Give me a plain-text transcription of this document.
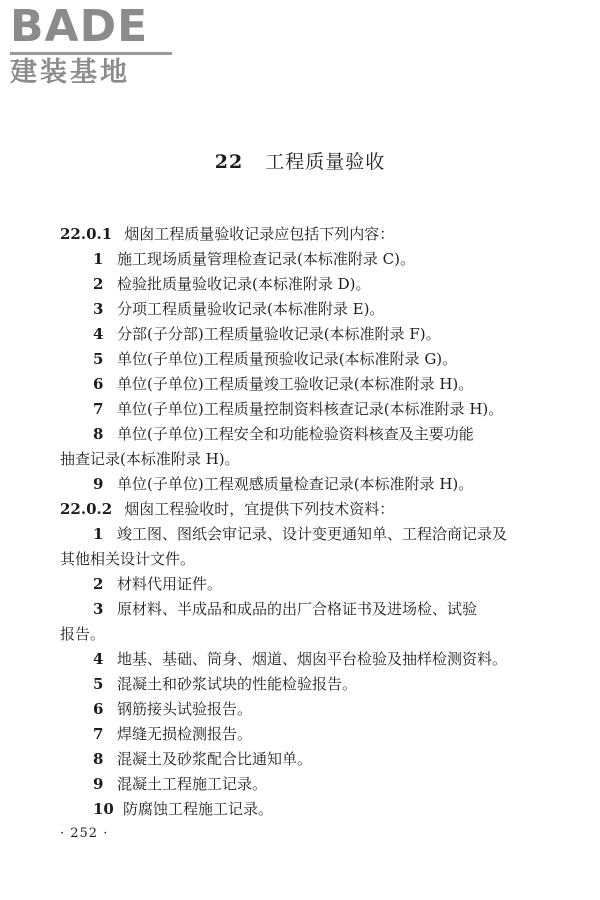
BADE
建装基地
22 工程质量验收
22.0.1 烟囱工程质量验收记录应包括下列内容：
1 施工现场质量管理检查记录(本标准附录 C)。
2 检验批质量验收记录(本标准附录 D)。
3 分项工程质量验收记录(本标准附录 E)。
4 分部(子分部)工程质量验收记录(本标准附录 F)。
5 单位(子单位)工程质量预验收记录(本标准附录 G)。
6 单位(子单位)工程质量竣工验收记录(本标准附录 H)。
7 单位(子单位)工程质量控制资料核查记录(本标准附录 H)。
8 单位(子单位)工程安全和功能检验资料核查及主要功能
抽查记录(本标准附录 H)。
9 单位(子单位)工程观感质量检查记录(本标准附录 H)。
22.0.2 烟囱工程验收时，宜提供下列技术资料：
1 竣工图、图纸会审记录、设计变更通知单、工程洽商记录及
其他相关设计文件。
2 材料代用证件。
3 原材料、半成品和成品的出厂合格证书及进场检、试验
报告。
4 地基、基础、筒身、烟道、烟囱平台检验及抽样检测资料。
5 混凝土和砂浆试块的性能检验报告。
6 钢筋接头试验报告。
7 焊缝无损检测报告。
8 混凝土及砂浆配合比通知单。
9 混凝土工程施工记录。
10 防腐蚀工程施工记录。
· 252 ·
